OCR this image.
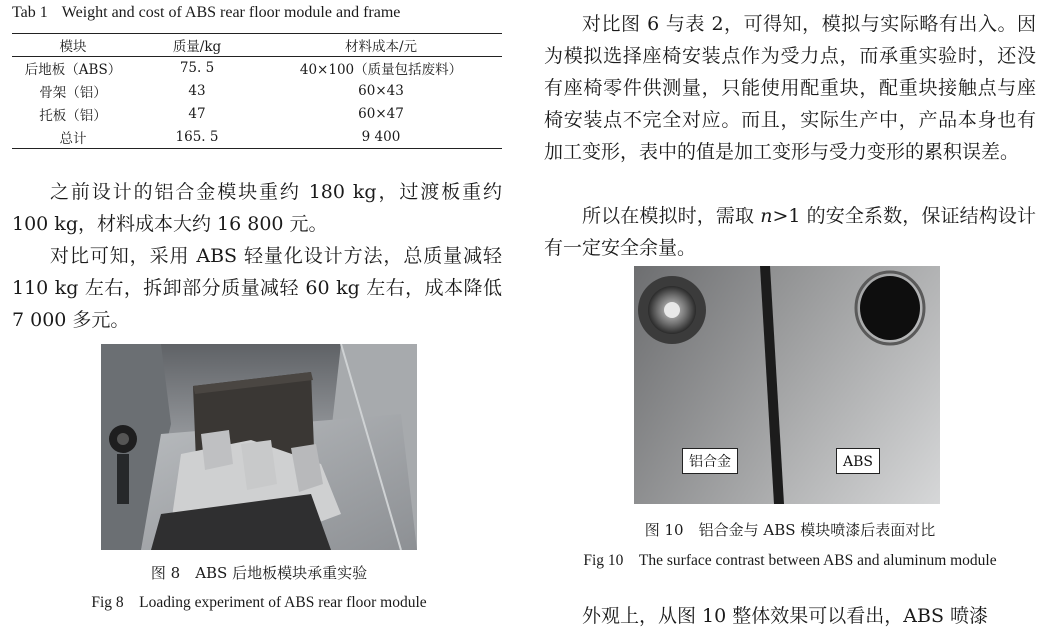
Tab 1 Weight and cost of ABS rear floor module and frame
模块	质量/kg	材料成本/元
后地板（ABS）	75. 5	40×100（质量包括废料）
骨架（铝）	43	60×43
托板（铝）	47	60×47
总计	165. 5	9 400

之前设计的铝合金模块重约 180 kg，过渡板重约 100 kg，材料成本大约 16 800 元。

对比可知，采用 ABS 轻量化设计方法，总质量减轻 110 kg 左右，拆卸部分质量减轻 60 kg 左右，成本降低 7 000 多元。

图 8　ABS 后地板模块承重实验
Fig 8　Loading experiment of ABS rear floor module

对比图 6 与表 2，可得知，模拟与实际略有出入。因为模拟选择座椅安装点作为受力点，而承重实验时，还没有座椅零件供测量，只能使用配重块，配重块接触点与座椅安装点不完全对应。而且，实际生产中，产品本身也有加工变形，表中的值是加工变形与受力变形的累积误差。

所以在模拟时，需取 n>1 的安全系数，保证结构设计有一定安全余量。

铝合金	ABS
图 10　铝合金与 ABS 模块喷漆后表面对比
Fig 10　The surface contrast between ABS and aluminum module

外观上，从图 10 整体效果可以看出，ABS 喷漆
